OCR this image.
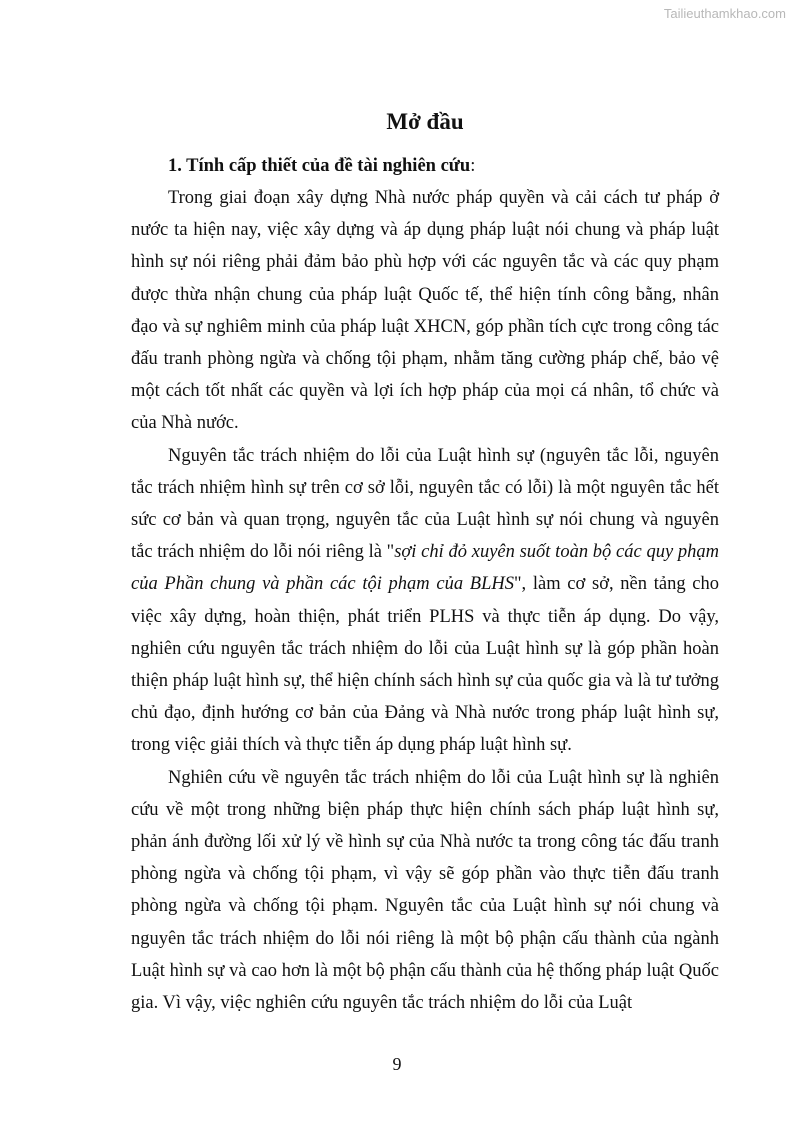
Tailieuthamkhao.com
Mở đầu

1. Tính cấp thiết của đề tài nghiên cứu:

Trong giai đoạn xây dựng Nhà nước pháp quyền và cải cách tư pháp ở nước ta hiện nay, việc xây dựng và áp dụng pháp luật nói chung và pháp luật hình sự nói riêng phải đảm bảo phù hợp với các nguyên tắc và các quy phạm được thừa nhận chung của pháp luật Quốc tế, thể hiện tính công bằng, nhân đạo và sự nghiêm minh của pháp luật XHCN, góp phần tích cực trong công tác đấu tranh phòng ngừa và chống tội phạm, nhằm tăng cường pháp chế, bảo vệ một cách tốt nhất các quyền và lợi ích hợp pháp của mọi cá nhân, tổ chức và của Nhà nước.

Nguyên tắc trách nhiệm do lỗi của Luật hình sự (nguyên tắc lỗi, nguyên tắc trách nhiệm hình sự trên cơ sở lỗi, nguyên tắc có lỗi) là một nguyên tắc hết sức cơ bản và quan trọng, nguyên tắc của Luật hình sự nói chung và nguyên tắc trách nhiệm do lỗi nói riêng là "sợi chỉ đỏ xuyên suốt toàn bộ các quy phạm của Phần chung và phần các tội phạm của BLHS", làm cơ sở, nền tảng cho việc xây dựng, hoàn thiện, phát triển PLHS và thực tiễn áp dụng. Do vậy, nghiên cứu nguyên tắc trách nhiệm do lỗi của Luật hình sự là góp phần hoàn thiện pháp luật hình sự, thể hiện chính sách hình sự của quốc gia và là tư tưởng chủ đạo, định hướng cơ bản của Đảng và Nhà nước trong pháp luật hình sự, trong việc giải thích và thực tiễn áp dụng pháp luật hình sự.

Nghiên cứu về nguyên tắc trách nhiệm do lỗi của Luật hình sự là nghiên cứu về một trong những biện pháp thực hiện chính sách pháp luật hình sự, phản ánh đường lối xử lý về hình sự của Nhà nước ta trong công tác đấu tranh phòng ngừa và chống tội phạm, vì vậy sẽ góp phần vào thực tiễn đấu tranh phòng ngừa và chống tội phạm. Nguyên tắc của Luật hình sự nói chung và nguyên tắc trách nhiệm do lỗi nói riêng là một bộ phận cấu thành của ngành Luật hình sự và cao hơn là một bộ phận cấu thành của hệ thống pháp luật Quốc gia. Vì vậy, việc nghiên cứu nguyên tắc trách nhiệm do lỗi của Luật

9
